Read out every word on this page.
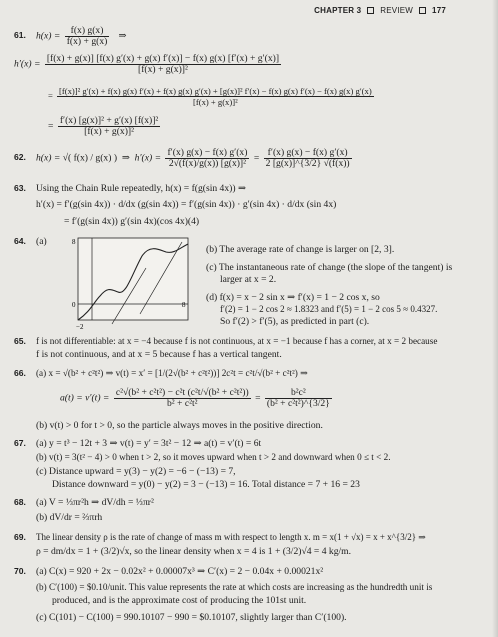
CHAPTER 3 REVIEW 177
61. $h(x) = \frac{f(x) g(x)}{f(x) + g(x)}$ ⇒
h′(x) =
[f(x) + g(x)] [f(x) g′(x) + g(x) f′(x)] − f(x) g(x) [f′(x) + g′(x)]
[f(x) + g(x)]²
= [f(x)]² g′(x) + f(x) g(x) f′(x) + f(x) g(x) g′(x) + [g(x)]² f′(x) − f(x) g(x) f′(x) − f(x) g(x) g′(x)
[f(x) + g(x)]²
= $\frac{\text{f′(x) [g(x)]² + g′(x) [f(x)]²}}{\text{[f(x) + g(x)]²}}$
62. h(x) = √( f(x) / g(x) ) ⇒ $h'(x) = \frac{f'(x) g(x) - f(x) g'(x)}{\text{2√(f(x)/g(x)) [g(x)]²}} = \frac{f'(x) g(x) - f(x) g'(x)}{2 [g(x)]\^{}\{3/2\} √(f(x))}$
63. Using the Chain Rule repeatedly, h(x) = f(g(sin 4x)) ⇒
h′(x) = f′(g(sin 4x)) · d/dx (g(sin 4x)) = f′(g(sin 4x)) · g′(sin 4x) · d/dx (sin 4x)
= f′(g(sin 4x)) g′(sin 4x)(cos 4x)(4)
64. (a)	8
0
−2
8
(b) The average rate of change is larger on [2, 3].
(c) The instantaneous rate of change (the slope of the tangent) is
larger at x = 2.
(d) f(x) = x − 2 sin x ⇒ f′(x) = 1 − 2 cos x, so
f′(2) = 1 − 2 cos 2 ≈ 1.8323 and f′(5) = 1 − 2 cos 5 ≈ 0.4327.
So f′(2) > f′(5), as predicted in part (c).
65. f is not differentiable: at x = −4 because f is not continuous, at x = −1 because f has a corner, at x = 2 because
f is not continuous, and at x = 5 because f has a vertical tangent.
66. (a) x = √(b² + c²t²) ⇒ v(t) = x′ = [1/(2√(b² + c²t²))] 2c²t = c²t/√(b² + c²t²) ⇒
$a(t) = v'(t) = \frac{\text{c²√(b² + c²t²) − c²t (c²t/√(b² + c²t²))}}{\text{b² + c²t²}} = \frac{\text{b²c²}}{\text{(b² + c²t²)\textasciicircum{}\{3/2\}}}$
(b) v(t) > 0 for t > 0, so the particle always moves in the positive direction.
67. (a) y = t³ − 12t + 3 ⇒ v(t) = y′ = 3t² − 12 ⇒ a(t) = v′(t) = 6t
(b) v(t) = 3(t² − 4) > 0 when t > 2, so it moves upward when t > 2 and downward when 0 ≤ t < 2.
(c) Distance upward = y(3) − y(2) = −6 − (−13) = 7,
Distance downward = y(0) − y(2) = 3 − (−13) = 16. Total distance = 7 + 16 = 23
68. (a) V = ⅓πr²h ⇒ dV/dh = ⅓πr²
(b) dV/dr = ⅔πrh
69. The linear density ρ is the rate of change of mass m with respect to length x. m = x(1 + √x) = x + x^{3/2} ⇒
ρ = dm/dx = 1 + (3/2)√x, so the linear density when x = 4 is 1 + (3/2)√4 = 4 kg/m.
70. (a) C(x) = 920 + 2x − 0.02x² + 0.00007x³ ⇒ C′(x) = 2 − 0.04x + 0.00021x²
(b) C′(100) = $0.10/unit. This value represents the rate at which costs are increasing as the hundredth unit is
produced, and is the approximate cost of producing the 101st unit.
(c) C(101) − C(100) = 990.10107 − 990 = $0.10107, slightly larger than C′(100).
